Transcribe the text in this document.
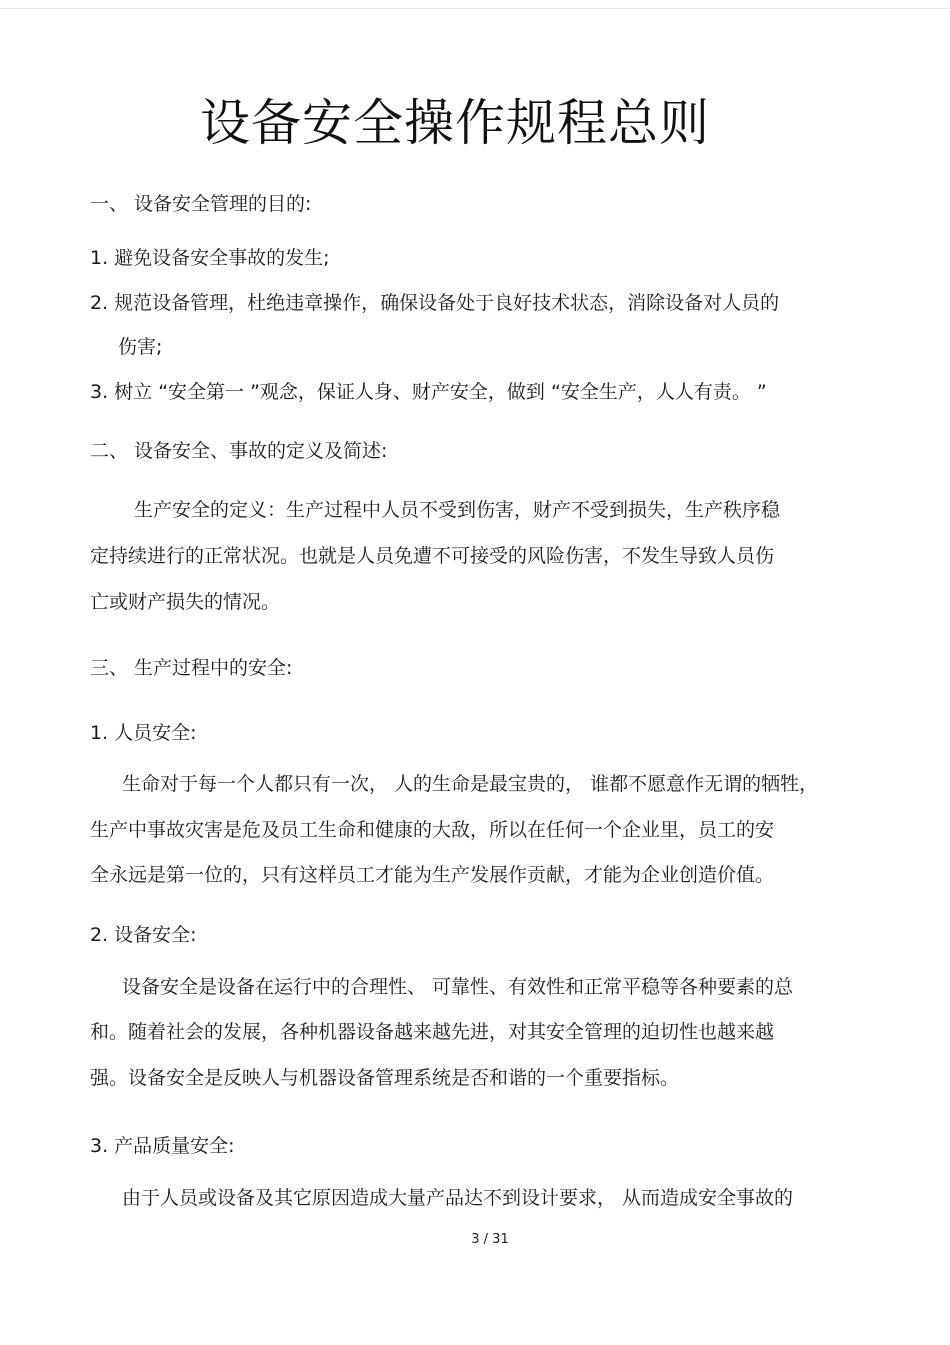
设备安全操作规程总则
一、 设备安全管理的目的:
1. 避免设备安全事故的发生;
2. 规范设备管理，杜绝违章操作，确保设备处于良好技术状态，消除设备对人员的
伤害;
3. 树立 “安全第一 ”观念，保证人身、财产安全，做到 “安全生产，人人有责。 ”
二、 设备安全、事故的定义及简述:
生产安全的定义：生产过程中人员不受到伤害，财产不受到损失，生产秩序稳
定持续进行的正常状况。也就是人员免遭不可接受的风险伤害，不发生导致人员伤
亡或财产损失的情况。
三、 生产过程中的安全:
1. 人员安全:
生命对于每一个人都只有一次， 人的生命是最宝贵的， 谁都不愿意作无谓的牺牲，
生产中事故灾害是危及员工生命和健康的大敌，所以在任何一个企业里，员工的安
全永远是第一位的，只有这样员工才能为生产发展作贡献，才能为企业创造价值。
2. 设备安全:
设备安全是设备在运行中的合理性、 可靠性、有效性和正常平稳等各种要素的总
和。随着社会的发展，各种机器设备越来越先进，对其安全管理的迫切性也越来越
强。设备安全是反映人与机器设备管理系统是否和谐的一个重要指标。
3. 产品质量安全:
由于人员或设备及其它原因造成大量产品达不到设计要求， 从而造成安全事故的
3 / 31
